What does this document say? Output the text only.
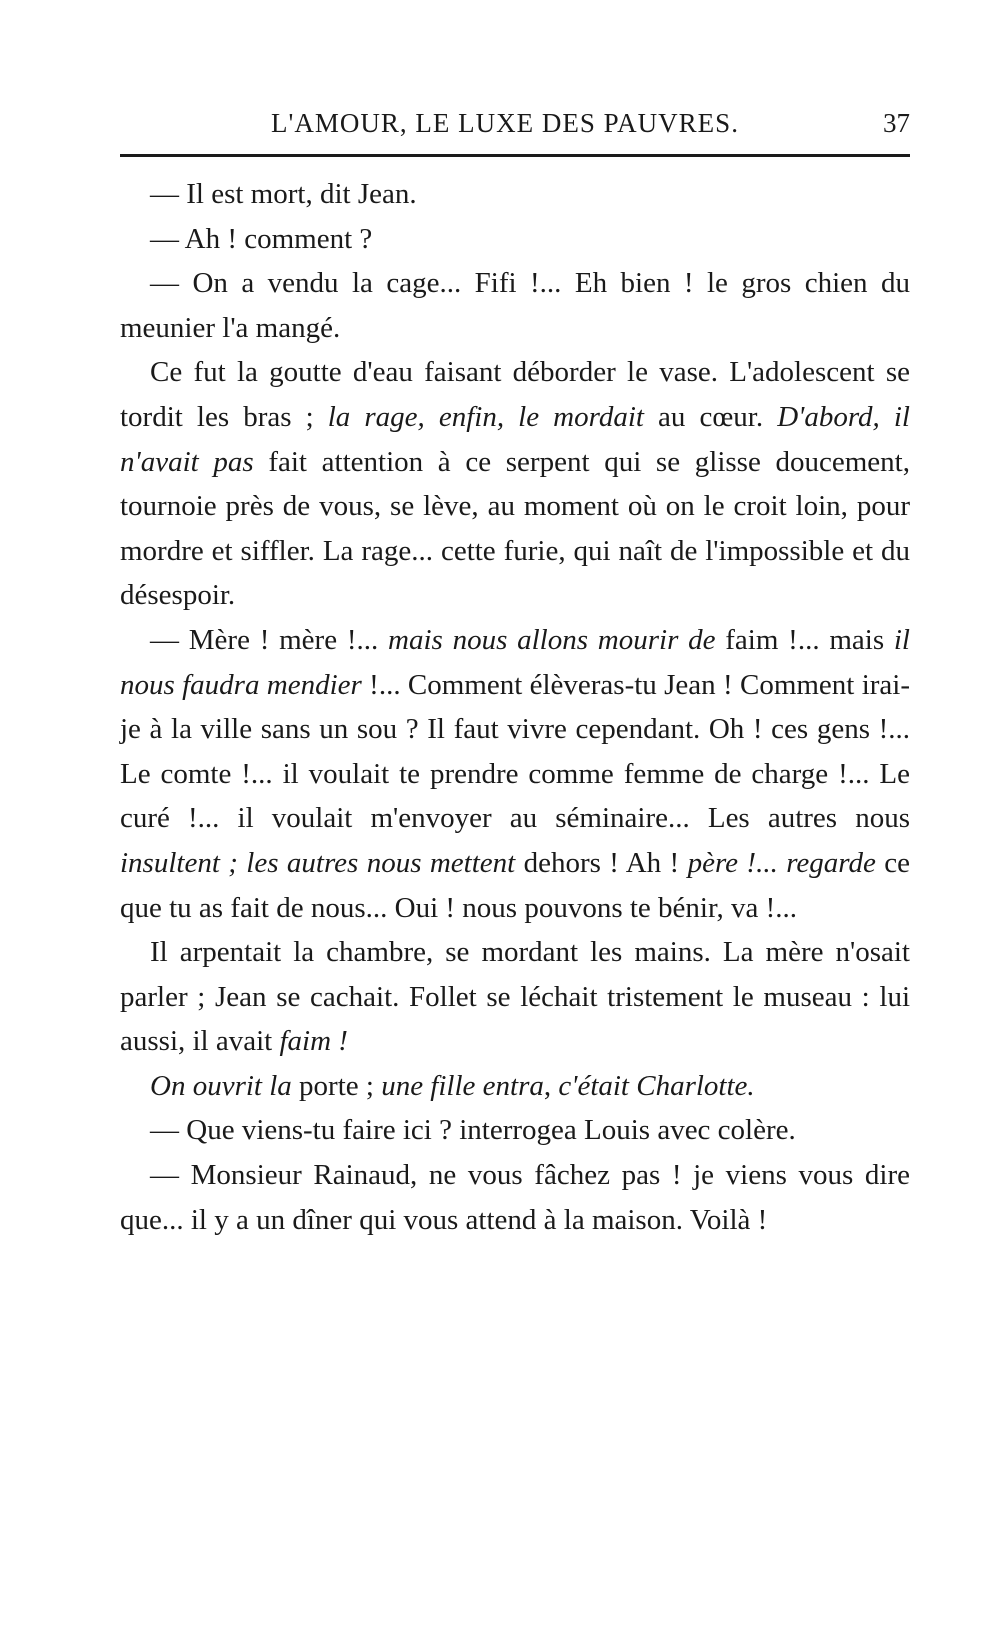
L'AMOUR, LE LUXE DES PAUVRES.	37

— Il est mort, dit Jean.

— Ah ! comment ?

— On a vendu la cage... Fifi !... Eh bien ! le gros chien du meunier l'a mangé.

Ce fut la goutte d'eau faisant déborder le vase. L'adolescent se tordit les bras ; la rage, enfin, le mordait au cœur. D'abord, il n'avait pas fait attention à ce serpent qui se glisse doucement, tournoie près de vous, se lève, au moment où on le croit loin, pour mordre et siffler. La rage... cette furie, qui naît de l'impossible et du désespoir.

— Mère ! mère !... mais nous allons mourir de faim !... mais il nous faudra mendier !... Comment élèveras-tu Jean ! Comment irai-je à la ville sans un sou ? Il faut vivre cependant. Oh ! ces gens !... Le comte !... il voulait te prendre comme femme de charge !... Le curé !... il voulait m'envoyer au séminaire... Les autres nous insultent ; les autres nous mettent dehors ! Ah ! père !... regarde ce que tu as fait de nous... Oui ! nous pouvons te bénir, va !...

Il arpentait la chambre, se mordant les mains. La mère n'osait parler ; Jean se cachait. Follet se léchait tristement le museau : lui aussi, il avait faim !

On ouvrit la porte ; une fille entra, c'était Charlotte.

— Que viens-tu faire ici ? interrogea Louis avec colère.

— Monsieur Rainaud, ne vous fâchez pas ! je viens vous dire que... il y a un dîner qui vous attend à la maison. Voilà !
